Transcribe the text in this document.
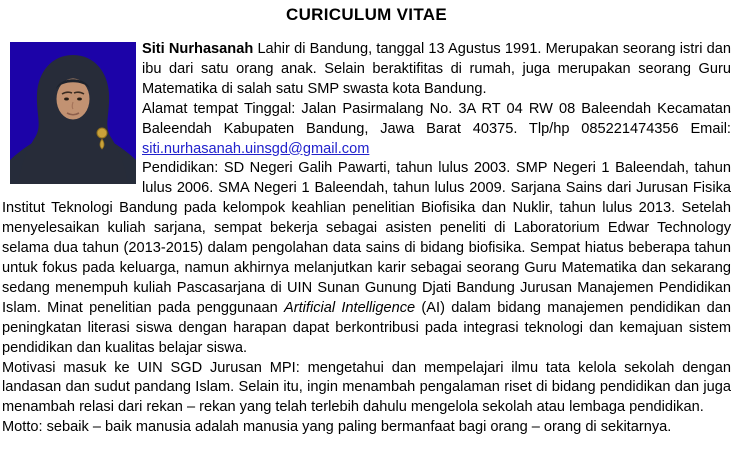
CURICULUM VITAE

Siti Nurhasanah Lahir di Bandung, tanggal 13 Agustus 1991. Merupakan seorang istri dan ibu dari satu orang anak. Selain beraktifitas di rumah, juga merupakan seorang Guru Matematika di salah satu SMP swasta kota Bandung.

Alamat tempat Tinggal: Jalan Pasirmalang No. 3A RT 04 RW 08 Baleendah Kecamatan Baleendah Kabupaten Bandung, Jawa Barat 40375. Tlp/hp 085221474356 Email: siti.nurhasanah.uinsgd@gmail.com

Pendidikan: SD Negeri Galih Pawarti, tahun lulus 2003. SMP Negeri 1 Baleendah, tahun lulus 2006. SMA Negeri 1 Baleendah, tahun lulus 2009. Sarjana Sains dari Jurusan Fisika Institut Teknologi Bandung pada kelompok keahlian penelitian Biofisika dan Nuklir, tahun lulus 2013. Setelah menyelesaikan kuliah sarjana, sempat bekerja sebagai asisten peneliti di Laboratorium Edwar Technology selama dua tahun (2013-2015) dalam pengolahan data sains di bidang biofisika. Sempat hiatus beberapa tahun untuk fokus pada keluarga, namun akhirnya melanjutkan karir sebagai seorang Guru Matematika dan sekarang sedang menempuh kuliah Pascasarjana di UIN Sunan Gunung Djati Bandung Jurusan Manajemen Pendidikan Islam. Minat penelitian pada penggunaan Artificial Intelligence (AI) dalam bidang manajemen pendidikan dan peningkatan literasi siswa dengan harapan dapat berkontribusi pada integrasi teknologi dan kemajuan sistem pendidikan dan kualitas belajar siswa.

Motivasi masuk ke UIN SGD Jurusan MPI: mengetahui dan mempelajari ilmu tata kelola sekolah dengan landasan dan sudut pandang Islam. Selain itu, ingin menambah pengalaman riset di bidang pendidikan dan juga menambah relasi dari rekan – rekan yang telah terlebih dahulu mengelola sekolah atau lembaga pendidikan.

Motto: sebaik – baik manusia adalah manusia yang paling bermanfaat bagi orang – orang di sekitarnya.
